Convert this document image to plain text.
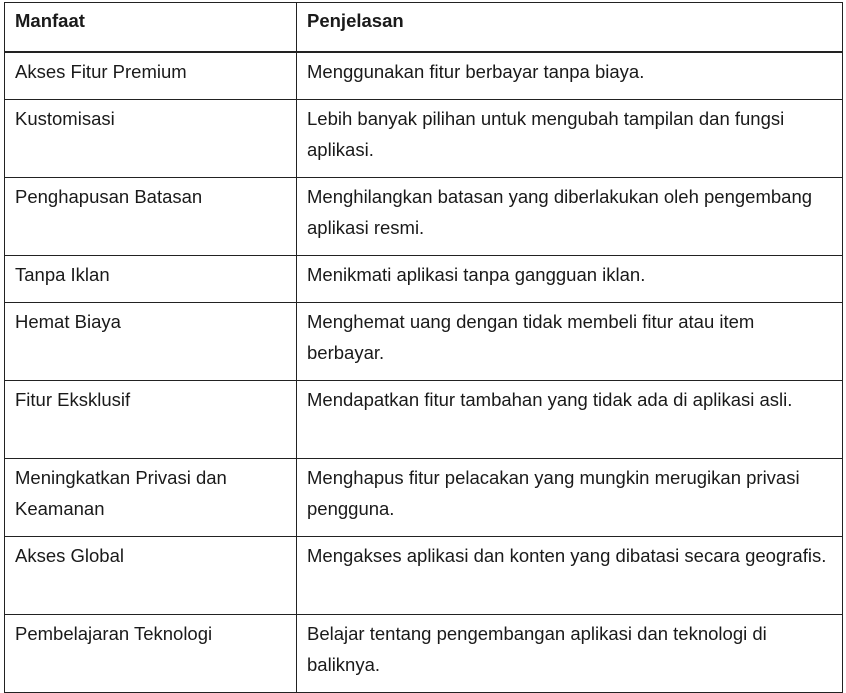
Manfaat	Penjelasan
Akses Fitur Premium	Menggunakan fitur berbayar tanpa biaya.
Kustomisasi	Lebih banyak pilihan untuk mengubah tampilan dan fungsi aplikasi.
Penghapusan Batasan	Menghilangkan batasan yang diberlakukan oleh pengembang aplikasi resmi.
Tanpa Iklan	Menikmati aplikasi tanpa gangguan iklan.
Hemat Biaya	Menghemat uang dengan tidak membeli fitur atau item berbayar.
Fitur Eksklusif	Mendapatkan fitur tambahan yang tidak ada di aplikasi asli.
Meningkatkan Privasi dan Keamanan	Menghapus fitur pelacakan yang mungkin merugikan privasi pengguna.
Akses Global	Mengakses aplikasi dan konten yang dibatasi secara geografis.
Pembelajaran Teknologi	Belajar tentang pengembangan aplikasi dan teknologi di baliknya.
